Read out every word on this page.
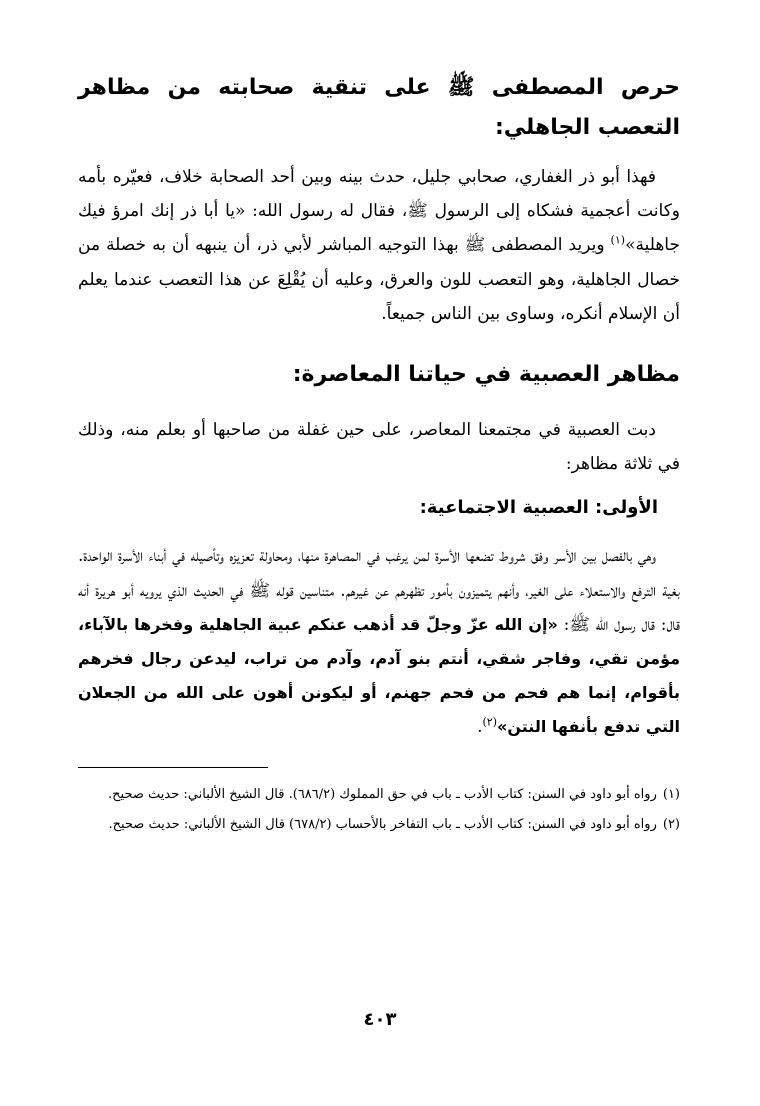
حرص المصطفى ﷺ على تنقية صحابته من مظاهر التعصب الجاهلي:

فهذا أبو ذر الغفاري، صحابي جليل، حدث بينه وبين أحد الصحابة خلاف، فعيّره بأمه وكانت أعجمية فشكاه إلى الرسول ﷺ، فقال له رسول الله: «يا أبا ذر إنك امرؤ فيك جاهلية»$^{(١)}$ ويريد المصطفى ﷺ بهذا التوجيه المباشر لأبي ذر، أن ينبهه أن به خصلة من خصال الجاهلية، وهو التعصب للون والعرق، وعليه أن يُقْلِعَ عن هذا التعصب عندما يعلم أن الإسلام أنكره، وساوى بين الناس جميعاً.

مظاهر العصبية في حياتنا المعاصرة:

دبت العصبية في مجتمعنا المعاصر، على حين غفلة من صاحبها أو بعلم منه، وذلك في ثلاثة مظاهر:

الأولى: العصبية الاجتماعية:

وهي بالفصل بين الأسر وفق شروط تضعها الأسرة لمن يرغب في المصاهرة منها، ومحاولة تعزيزه وتأصيله في أبناء الأسرة الواحدة. بغية الترفع والاستعلاء على الغير، وأنهم يتميزون بأمور تظهرهم عن غيرهم. متناسين قوله ﷺ في الحديث الذي يرويه أبو هريرة أنه قال: قال رسول الله ﷺ: «إن الله عزّ وجلّ قد أذهب عنكم عبية الجاهلية وفخرها بالآباء، مؤمن تقي، وفاجر شقي، أنتم بنو آدم، وآدم من تراب، ليدعن رجال فخرهم بأقوام، إنما هم فحم من فحم جهنم، أو ليكونن أهون على الله من الجعلان التي تدفع بأنفها النتن»$^{(٢)}$.

(١)رواه أبو داود في السنن: كتاب الأدب ـ باب في حق المملوك (٦٨٦/٢). قال الشيخ الألباني: حديث صحيح.

(٢)رواه أبو داود في السنن: كتاب الأدب ـ باب التفاخر بالأحساب (٦٧٨/٢) قال الشيخ الألباني: حديث صحيح.

٤٠٣
